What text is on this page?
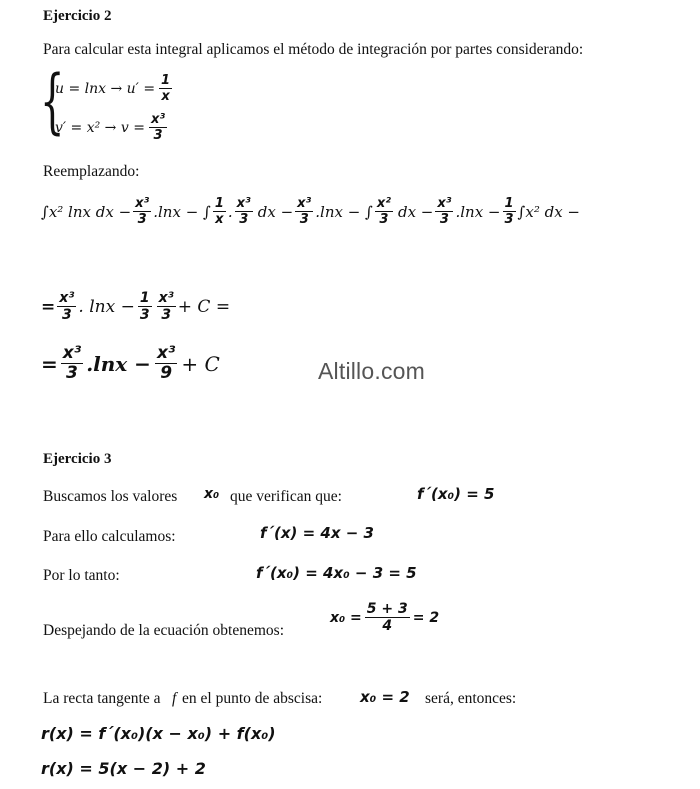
Ejercicio 2
Para calcular esta integral aplicamos el método de integración por partes considerando:
{
$u = \ln x \to u' = \frac{1}{x}$
$v' = x^2 \to v = \frac{\text{x³}}{3}$
Reemplazando:
∫x² lnx dx − $\frac{\text{x³}}{3} .\ln x$ − ∫ $\frac{1}{x}$ . $\frac{\text{x³}}{3}$ dx − $\frac{\text{x³}}{3} .\ln x$ − ∫ $\frac{\text{x²}}{3}$ dx − $\frac{\text{x³}}{3} .\ln x - \frac{1}{3} \int x^2$ dx −
= $\frac{\text{x³}}{3}$ . $\ln x - \frac{1}{3} \frac{\text{x³}}{3} + C$ =
= $\frac{\text{x³}}{3} .\ln x - \frac{\text{x³}}{9} + C$	Altillo.com
Ejercicio 3
Buscamos los valores x₀ que verifican que:	f´(x₀) = 5
Para ello calculamos:	f´(x) = 4x − 3
Por lo tanto:	f´(x₀) = 4x₀ − 3 = 5
Despejando de la ecuación obtenemos:
$x_0 = \frac{5 + 3}{4} = 2$
La recta tangente a f en el punto de abscisa:	x₀ = 2 será, entonces:
r(x) = f´(x₀)(x − x₀) + f(x₀)
r(x) = 5(x − 2) + 2
